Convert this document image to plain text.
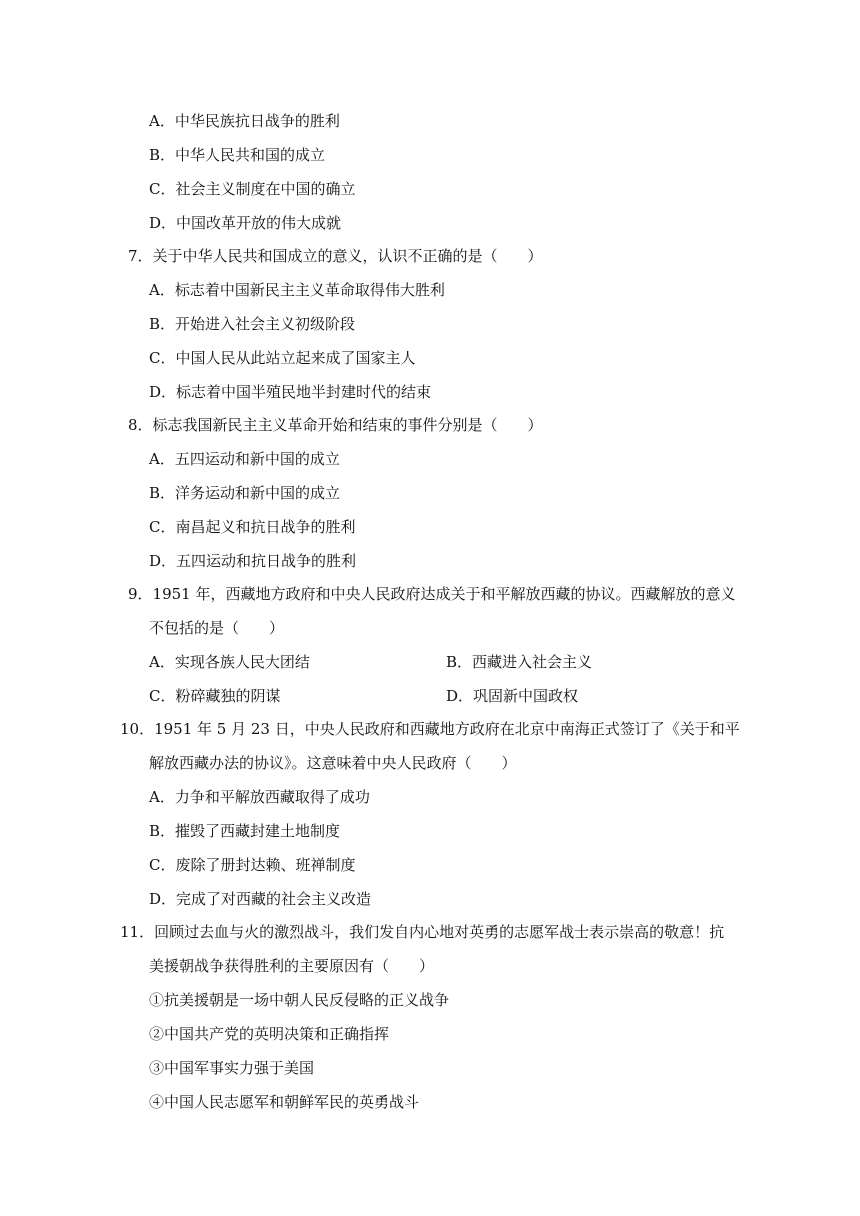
A．中华民族抗日战争的胜利
B．中华人民共和国的成立
C．社会主义制度在中国的确立
D．中国改革开放的伟大成就
7．关于中华人民共和国成立的意义，认识不正确的是（　　）
A．标志着中国新民主主义革命取得伟大胜利
B．开始进入社会主义初级阶段
C．中国人民从此站立起来成了国家主人
D．标志着中国半殖民地半封建时代的结束
8．标志我国新民主主义革命开始和结束的事件分别是（　　）
A．五四运动和新中国的成立
B．洋务运动和新中国的成立
C．南昌起义和抗日战争的胜利
D．五四运动和抗日战争的胜利
9．1951 年，西藏地方政府和中央人民政府达成关于和平解放西藏的协议。西藏解放的意义
不包括的是（　　）
A．实现各族人民大团结	B．西藏进入社会主义
C．粉碎藏独的阴谋	D．巩固新中国政权
10．1951 年 5 月 23 日，中央人民政府和西藏地方政府在北京中南海正式签订了《关于和平
解放西藏办法的协议》。这意味着中央人民政府（　　）
A．力争和平解放西藏取得了成功
B．摧毁了西藏封建土地制度
C．废除了册封达赖、班禅制度
D．完成了对西藏的社会主义改造
11．回顾过去血与火的激烈战斗，我们发自内心地对英勇的志愿军战士表示崇高的敬意！抗
美援朝战争获得胜利的主要原因有（　　）
①抗美援朝是一场中朝人民反侵略的正义战争
②中国共产党的英明决策和正确指挥
③中国军事实力强于美国
④中国人民志愿军和朝鲜军民的英勇战斗
